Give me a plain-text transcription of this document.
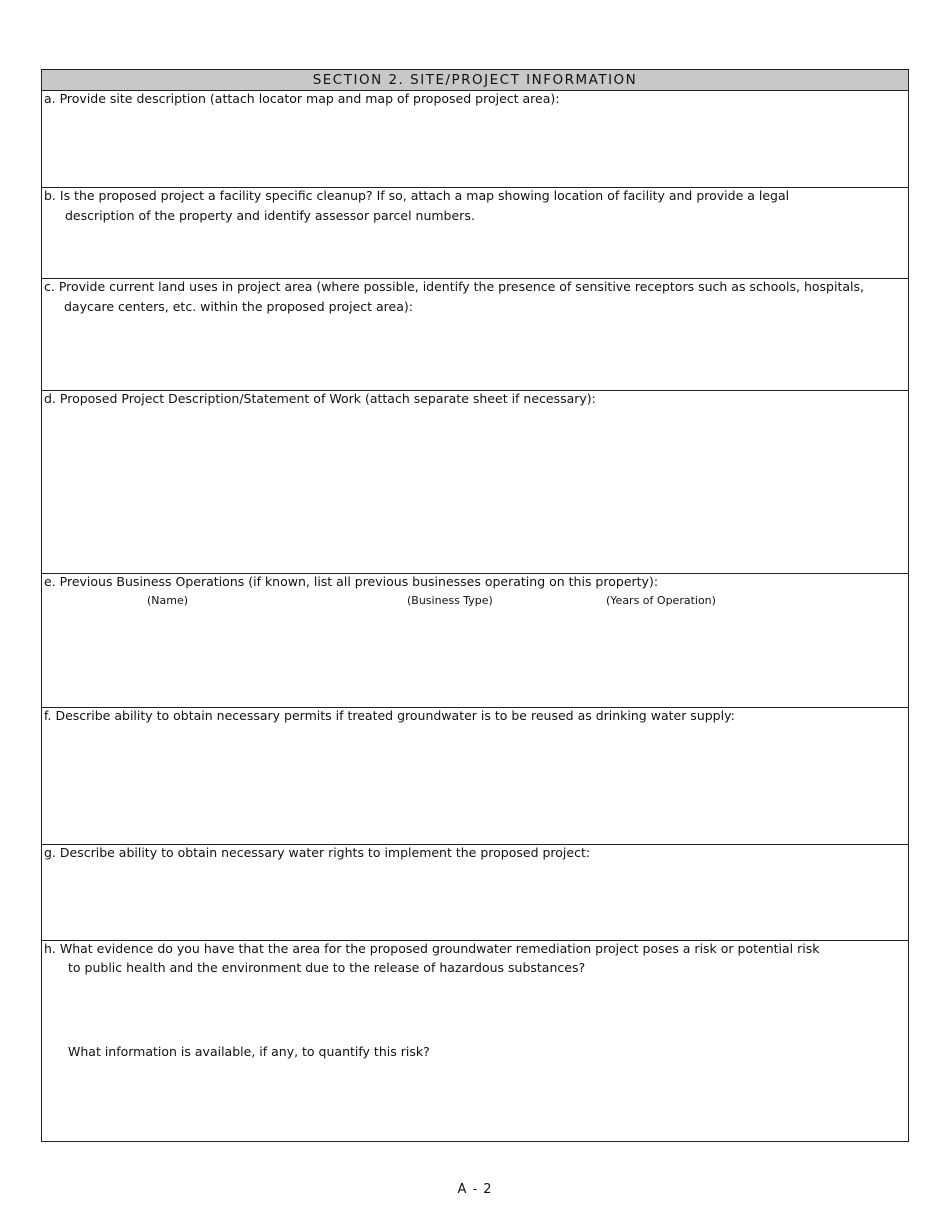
SECTION 2. SITE/PROJECT INFORMATION
a. Provide site description (attach locator map and map of proposed project area):
b. Is the proposed project a facility specific cleanup? If so, attach a map showing location of facility and provide a legal
description of the property and identify assessor parcel numbers.
c. Provide current land uses in project area (where possible, identify the presence of sensitive receptors such as schools, hospitals,
daycare centers, etc. within the proposed project area):
d. Proposed Project Description/Statement of Work (attach separate sheet if necessary):
e. Previous Business Operations (if known, list all previous businesses operating on this property):
(Name)	(Business Type)	(Years of Operation)
f. Describe ability to obtain necessary permits if treated groundwater is to be reused as drinking water supply:
g. Describe ability to obtain necessary water rights to implement the proposed project:
h. What evidence do you have that the area for the proposed groundwater remediation project poses a risk or potential risk
to public health and the environment due to the release of hazardous substances?
What information is available, if any, to quantify this risk?
A - 2
